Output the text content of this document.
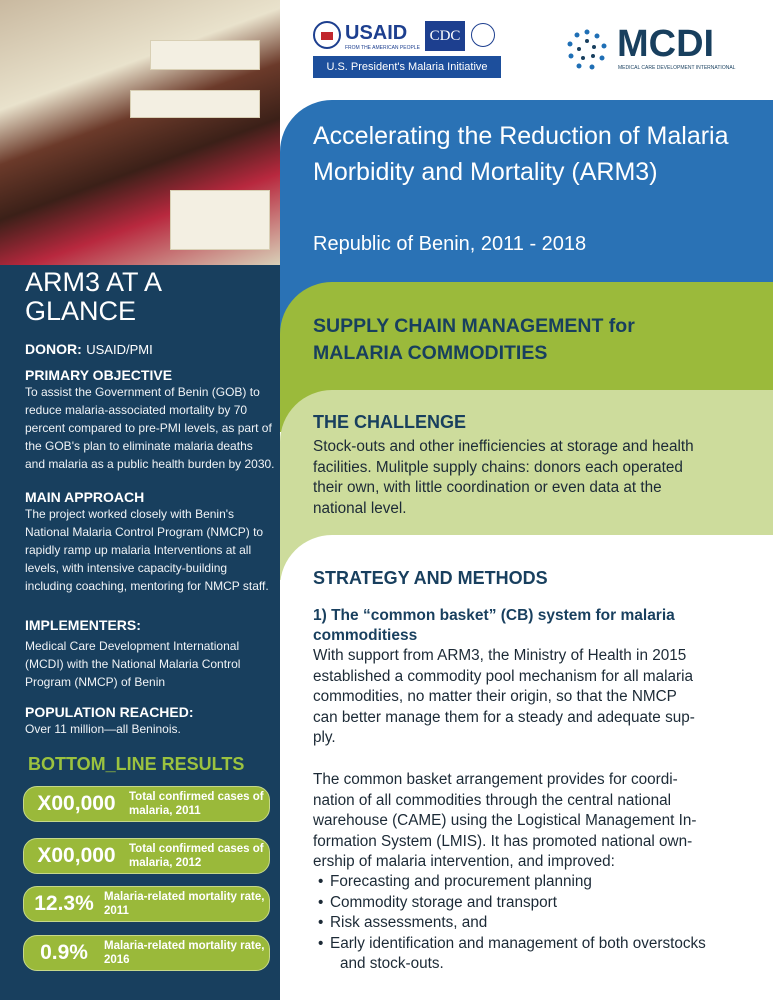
ARM3 AT A GLANCE
DONOR: USAID/PMI
PRIMARY OBJECTIVE
To assist the Government of Benin (GOB) to reduce malaria-associated mortality by 70 percent compared to pre-PMI levels, as part of the GOB's plan to eliminate malaria deaths and malaria as a public health burden by 2030.
MAIN APPROACH
The project worked closely with Benin's National Malaria Control Program (NMCP) to rapidly ramp up malaria Interventions at all levels, with intensive capacity-building including coaching, mentoring for NMCP staff.
IMPLEMENTERS:
Medical Care Development International (MCDI) with the National Malaria Control Program (NMCP) of Benin
POPULATION REACHED:
Over 11 million—all Beninois.
BOTTOM_LINE RESULTS
X00,000	Total confirmed cases of malaria, 2011
X00,000	Total confirmed cases of malaria, 2012
12.3% Malaria-related mortality rate, 2011
0.9%	Malaria-related mortality rate, 2016
USAID
FROM THE AMERICAN PEOPLE
CDC
U.S. President's Malaria Initiative
MCDI
MEDICAL CARE DEVELOPMENT INTERNATIONAL
Accelerating the Reduction of Malaria Morbidity and Mortality (ARM3)
Republic of Benin, 2011 - 2018
SUPPLY CHAIN MANAGEMENT for
MALARIA COMMODITIES
THE CHALLENGE

Stock-outs and other inefficiencies at storage and health
facilities. Mulitple supply chains: donors each operated
their own, with little coordination or even data at the
national level.

STRATEGY AND METHODS
1) The “common basket” (CB) system for malaria
commoditiess

With support from ARM3, the Ministry of Health in 2015
established a commodity pool mechanism for all malaria
commodities, no matter their origin, so that the NMCP
can better manage them for a steady and adequate sup-
ply.

The common basket arrangement provides for coordi-
nation of all commodities through the central national
warehouse (CAME) using the Logistical Management In-
formation System (LMIS). It has promoted national own-
ership of malaria intervention, and improved:

• Forecasting and procurement planning
• Commodity storage and transport
• Risk assessments, and
• Early identification and management of both overstocks
and stock-outs.
